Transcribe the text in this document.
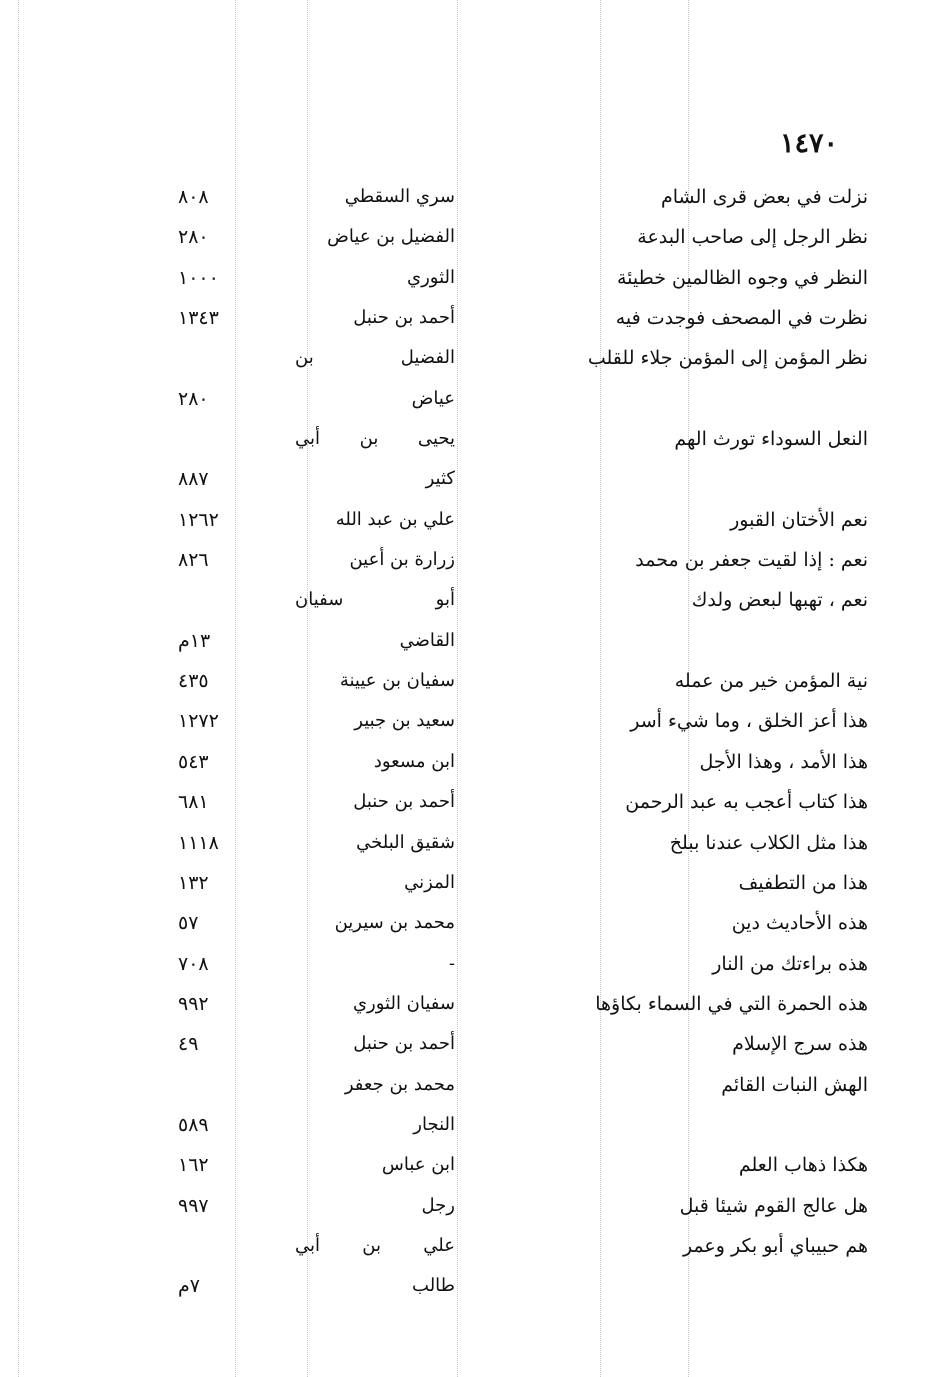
١٤٧٠
نزلت في بعض قرى الشام
سري السقطي
٨٠٨
نظر الرجل إلى صاحب البدعة
الفضيل بن عياض
٢٨٠
النظر في وجوه الظالمين خطيئة
الثوري
١٠٠٠
نظرت في المصحف فوجدت فيه
أحمد بن حنبل
١٣٤٣
نظر المؤمن إلى المؤمن جلاء للقلب
الفضيل بن
عياض
٢٨٠
النعل السوداء تورث الهم
يحيى بن أبي
كثير
٨٨٧
نعم الأختان القبور
علي بن عبد الله
١٢٦٢
نعم : إذا لقيت جعفر بن محمد
زرارة بن أعين
٨٢٦
نعم ، تهبها لبعض ولدك
أبو سفيان
القاضي
١٣م
نية المؤمن خير من عمله
سفيان بن عيينة
٤٣٥
هذا أعز الخلق ، وما شيء أسر
سعيد بن جبير
١٢٧٢
هذا الأمد ، وهذا الأجل
ابن مسعود
٥٤٣
هذا كتاب أعجب به عبد الرحمن
أحمد بن حنبل
٦٨١
هذا مثل الكلاب عندنا ببلخ
شقيق البلخي
١١١٨
هذا من التطفيف
المزني
١٣٢
هذه الأحاديث دين
محمد بن سيرين
٥٧
هذه براءتك من النار
-
٧٠٨
هذه الحمرة التي في السماء بكاؤها
سفيان الثوري
٩٩٢
هذه سرج الإسلام
أحمد بن حنبل
٤٩
الهش النبات القائم
محمد بن جعفر
النجار
٥٨٩
هكذا ذهاب العلم
ابن عباس
١٦٢
هل عالج القوم شيئا قبل
رجل
٩٩٧
هم حبيباي أبو بكر وعمر
علي بن أبي
طالب
٧م
